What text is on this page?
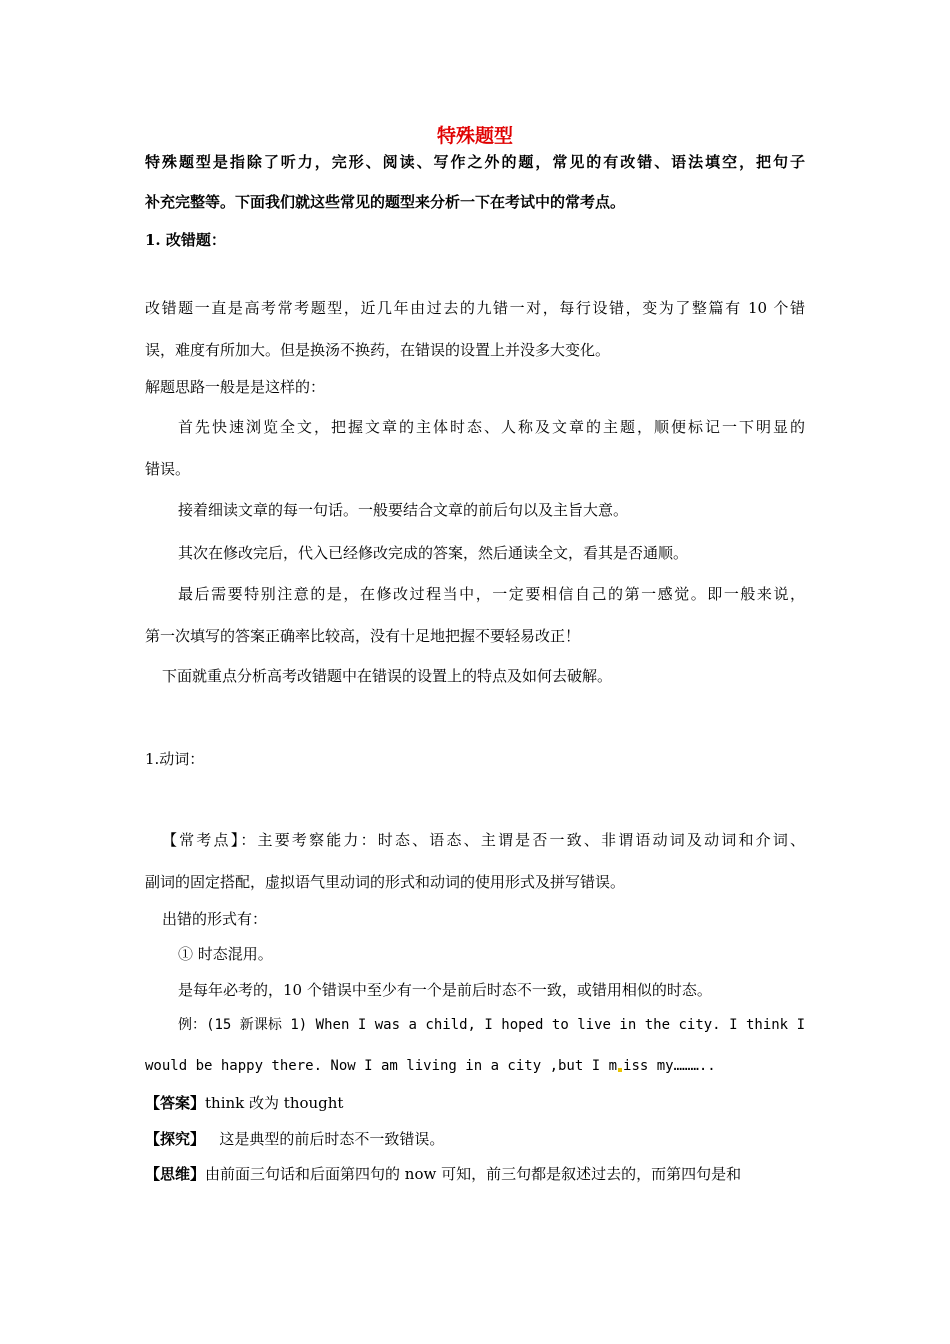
特殊题型
特殊题型是指除了听力，完形、阅读、写作之外的题，常见的有改错、语法填空，把句子
补充完整等。下面我们就这些常见的题型来分析一下在考试中的常考点。
1. 改错题：
改错题一直是高考常考题型，近几年由过去的九错一对，每行设错，变为了整篇有 10 个错
误，难度有所加大。但是换汤不换药，在错误的设置上并没多大变化。
解题思路一般是是这样的：
首先快速浏览全文，把握文章的主体时态、人称及文章的主题，顺便标记一下明显的
错误。
接着细读文章的每一句话。一般要结合文章的前后句以及主旨大意。
其次在修改完后，代入已经修改完成的答案，然后通读全文，看其是否通顺。
最后需要特别注意的是，在修改过程当中，一定要相信自己的第一感觉。即一般来说，
第一次填写的答案正确率比较高，没有十足地把握不要轻易改正！
下面就重点分析高考改错题中在错误的设置上的特点及如何去破解。
1.动词：
【常考点】：主要考察能力：时态、语态、主谓是否一致、非谓语动词及动词和介词、
副词的固定搭配，虚拟语气里动词的形式和动词的使用形式及拼写错误。
出错的形式有：
① 时态混用。
是每年必考的，10 个错误中至少有一个是前后时态不一致，或错用相似的时态。
例：(15 新课标 1) When I was a child, I hoped to live in the city. I think I
would be happy there. Now I am living in a city ,but I m iss my………..
【答案】think 改为 thought
【探究】   这是典型的前后时态不一致错误。
【思维】由前面三句话和后面第四句的 now 可知，前三句都是叙述过去的，而第四句是和
